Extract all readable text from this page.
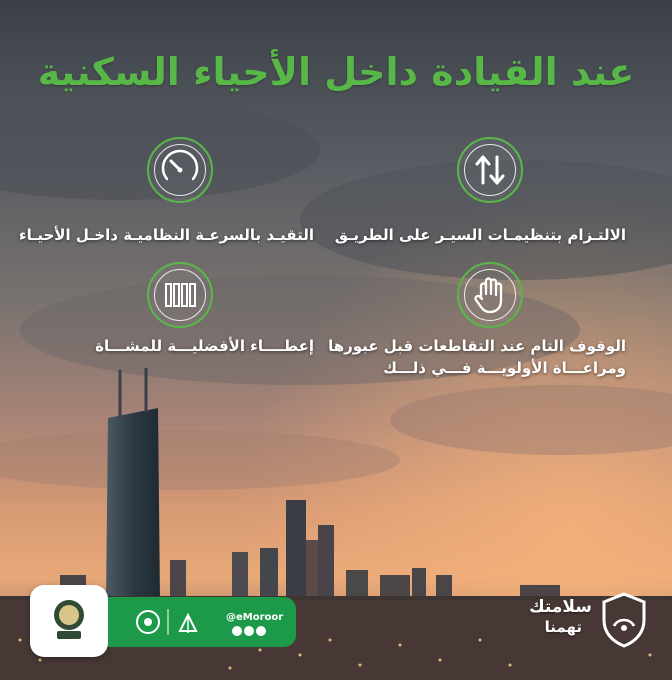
عند القيادة داخل الأحياء السكنية
الالتـزام بتنظيمـات السيـر على الطريـق
التقيـد بالسرعـة النظاميـة داخـل الأحيـاء
الوقوف التام عند التقاطعات قبل عبورها
ومراعـــاة الأولويـــة فـــي ذلـــك
إعطــــاء الأفضليـــة للمشـــاة
@eMoroor
سلامتك
تهمنا
